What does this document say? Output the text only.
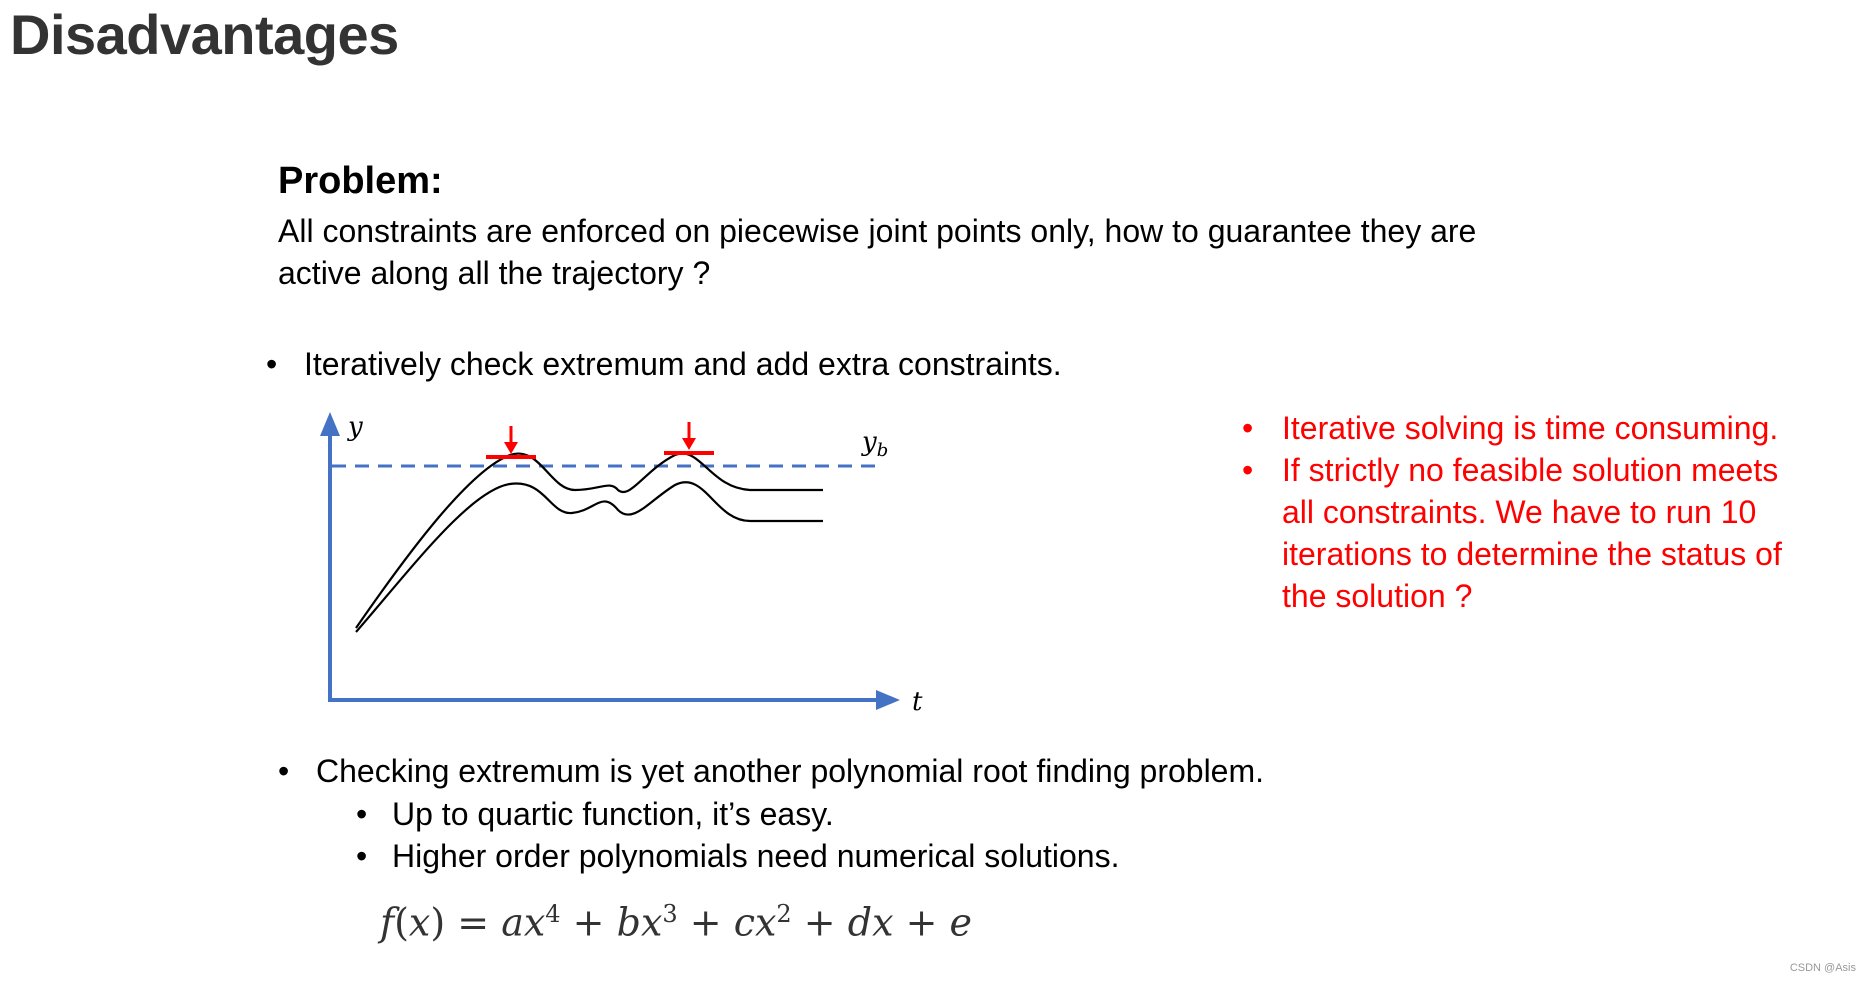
Disadvantages
Problem:
All constraints are enforced on piecewise joint points only, how to guarantee they are
active along all the trajectory ?
• Iteratively check extremum and add extra constraints.
y
t
$y_b$
• Iterative solving is time consuming.
• If strictly no feasible solution meets
all constraints. We have to run 10
iterations to determine the status of
the solution ?
• Checking extremum is yet another polynomial root finding problem.
• Up to quartic function, it’s easy.
• Higher order polynomials need numerical solutions.
$f(x) = ax^4 + bx^3 + cx^2$ + dx + e
CSDN @Asis
